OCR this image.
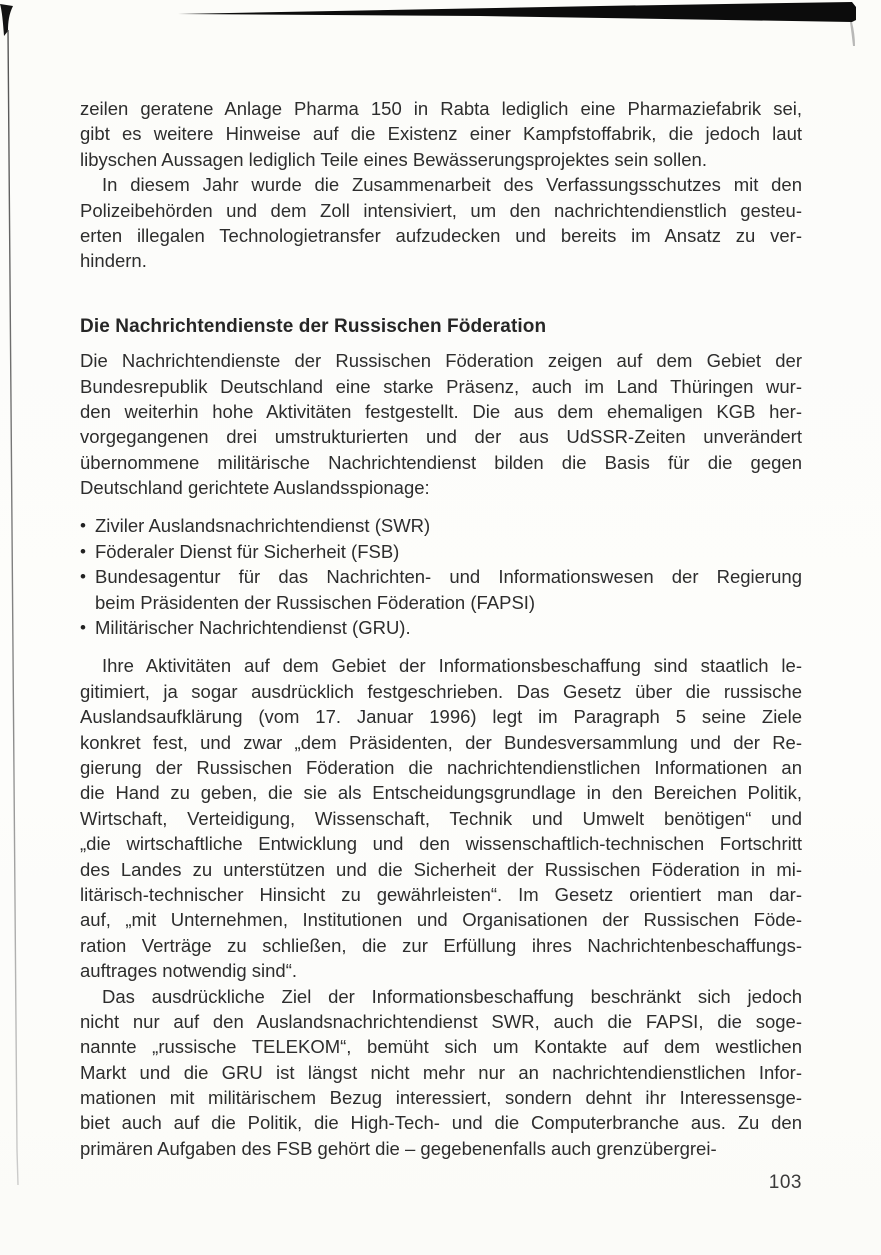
zeilen geratene Anlage Pharma 150 in Rabta lediglich eine Pharmaziefabrik sei,
gibt es weitere Hinweise auf die Existenz einer Kampfstoffabrik, die jedoch laut
libyschen Aussagen lediglich Teile eines Bewässerungsprojektes sein sollen.
In diesem Jahr wurde die Zusammenarbeit des Verfassungsschutzes mit den
Polizeibehörden und dem Zoll intensiviert, um den nachrichtendienstlich gesteu-
erten illegalen Technologietransfer aufzudecken und bereits im Ansatz zu ver-
hindern.
Die Nachrichtendienste der Russischen Föderation
Die Nachrichtendienste der Russischen Föderation zeigen auf dem Gebiet der
Bundesrepublik Deutschland eine starke Präsenz, auch im Land Thüringen wur-
den weiterhin hohe Aktivitäten festgestellt. Die aus dem ehemaligen KGB her-
vorgegangenen drei umstrukturierten und der aus UdSSR-Zeiten unverändert
übernommene militärische Nachrichtendienst bilden die Basis für die gegen
Deutschland gerichtete Auslandsspionage:
• Ziviler Auslandsnachrichtendienst (SWR)
• Föderaler Dienst für Sicherheit (FSB)
• Bundesagentur für das Nachrichten- und Informationswesen der Regierung
beim Präsidenten der Russischen Föderation (FAPSI)
• Militärischer Nachrichtendienst (GRU).
Ihre Aktivitäten auf dem Gebiet der Informationsbeschaffung sind staatlich le-
gitimiert, ja sogar ausdrücklich festgeschrieben. Das Gesetz über die russische
Auslandsaufklärung (vom 17. Januar 1996) legt im Paragraph 5 seine Ziele
konkret fest, und zwar „dem Präsidenten, der Bundesversammlung und der Re-
gierung der Russischen Föderation die nachrichtendienstlichen Informationen an
die Hand zu geben, die sie als Entscheidungsgrundlage in den Bereichen Politik,
Wirtschaft, Verteidigung, Wissenschaft, Technik und Umwelt benötigen“ und
„die wirtschaftliche Entwicklung und den wissenschaftlich-technischen Fortschritt
des Landes zu unterstützen und die Sicherheit der Russischen Föderation in mi-
litärisch-technischer Hinsicht zu gewährleisten“. Im Gesetz orientiert man dar-
auf, „mit Unternehmen, Institutionen und Organisationen der Russischen Föde-
ration Verträge zu schließen, die zur Erfüllung ihres Nachrichtenbeschaffungs-
auftrages notwendig sind“.
Das ausdrückliche Ziel der Informationsbeschaffung beschränkt sich jedoch
nicht nur auf den Auslandsnachrichtendienst SWR, auch die FAPSI, die soge-
nannte „russische TELEKOM“, bemüht sich um Kontakte auf dem westlichen
Markt und die GRU ist längst nicht mehr nur an nachrichtendienstlichen Infor-
mationen mit militärischem Bezug interessiert, sondern dehnt ihr Interessensge-
biet auch auf die Politik, die High-Tech- und die Computerbranche aus. Zu den
primären Aufgaben des FSB gehört die – gegebenenfalls auch grenzübergrei-
103
